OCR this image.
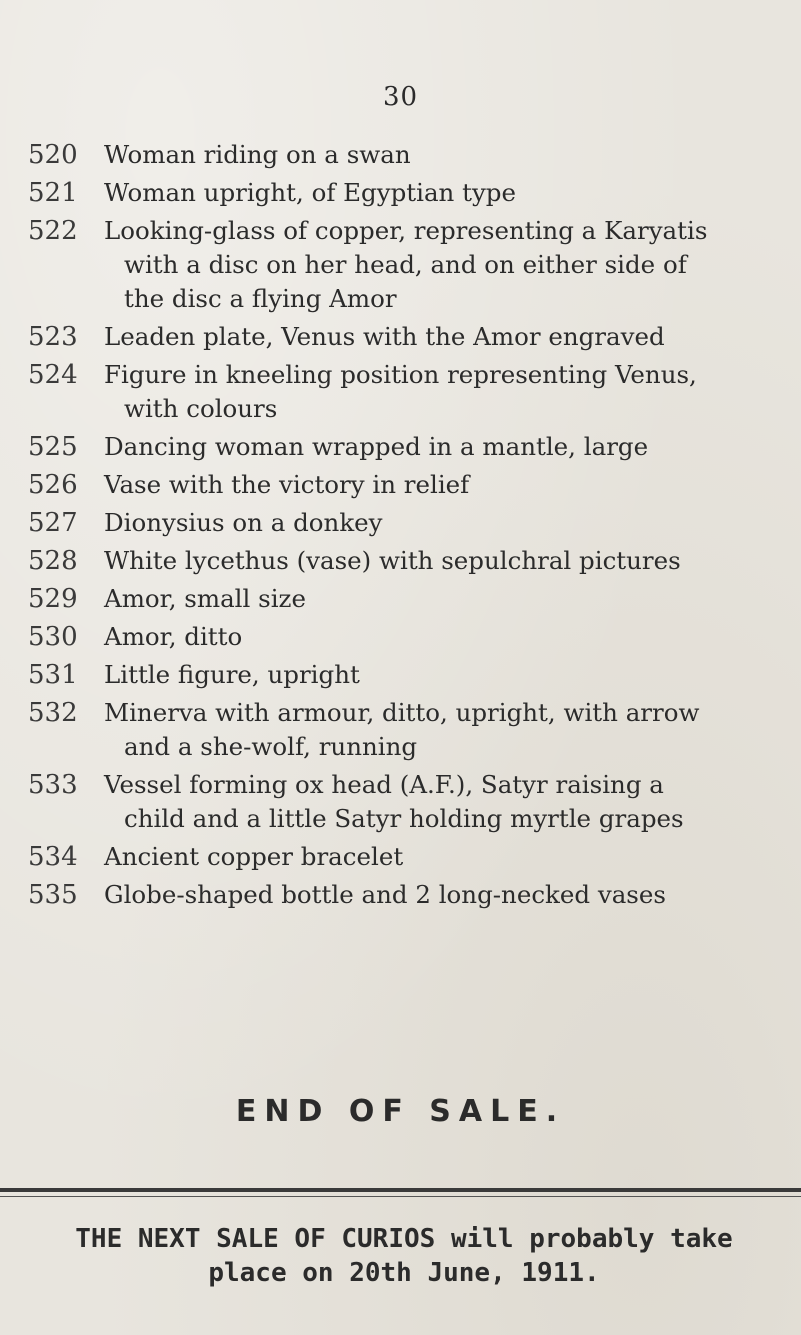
30
520	Woman riding on a swan
521	Woman upright, of Egyptian type
522	Looking-glass of copper, representing a Karyatis
with a disc on her head, and on either side of
the disc a flying Amor
523	Leaden plate, Venus with the Amor engraved
524	Figure in kneeling position representing Venus,
with colours
525	Dancing woman wrapped in a mantle, large
526	Vase with the victory in relief
527	Dionysius on a donkey
528	White lycethus (vase) with sepulchral pictures
529	Amor, small size
530	Amor, ditto
531	Little figure, upright
532	Minerva with armour, ditto, upright, with arrow
and a she-wolf, running
533	Vessel forming ox head (A.F.), Satyr raising a
child and a little Satyr holding myrtle grapes
534	Ancient copper bracelet
535	Globe-shaped bottle and 2 long-necked vases
END OF SALE.
THE NEXT SALE OF CURIOS will probably take
place on 20th June, 1911.
